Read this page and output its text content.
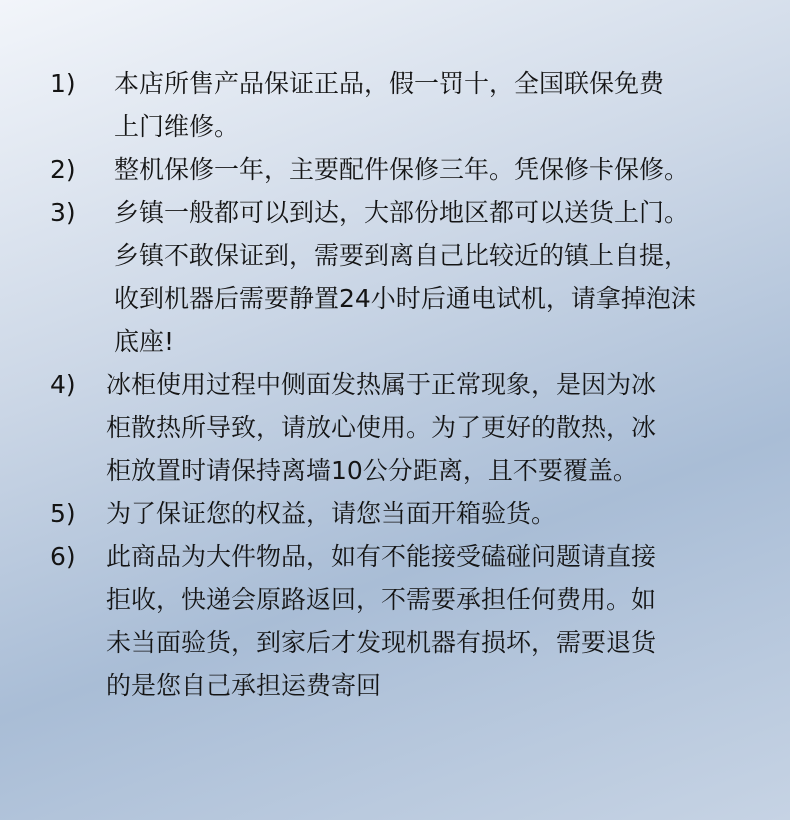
1)	本店所售产品保证正品，假一罚十，全国联保免费
上门维修。
2)	整机保修一年，主要配件保修三年。凭保修卡保修。
3)	乡镇一般都可以到达，大部份地区都可以送货上门。
乡镇不敢保证到，需要到离自己比较近的镇上自提，
收到机器后需要静置24小时后通电试机，请拿掉泡沫
底座!
4)	冰柜使用过程中侧面发热属于正常现象，是因为冰
柜散热所导致，请放心使用。为了更好的散热，冰
柜放置时请保持离墙10公分距离，且不要覆盖。
5)	为了保证您的权益，请您当面开箱验货。
6)	此商品为大件物品，如有不能接受磕碰问题请直接
拒收，快递会原路返回，不需要承担任何费用。如
未当面验货，到家后才发现机器有损坏，需要退货
的是您自己承担运费寄回
